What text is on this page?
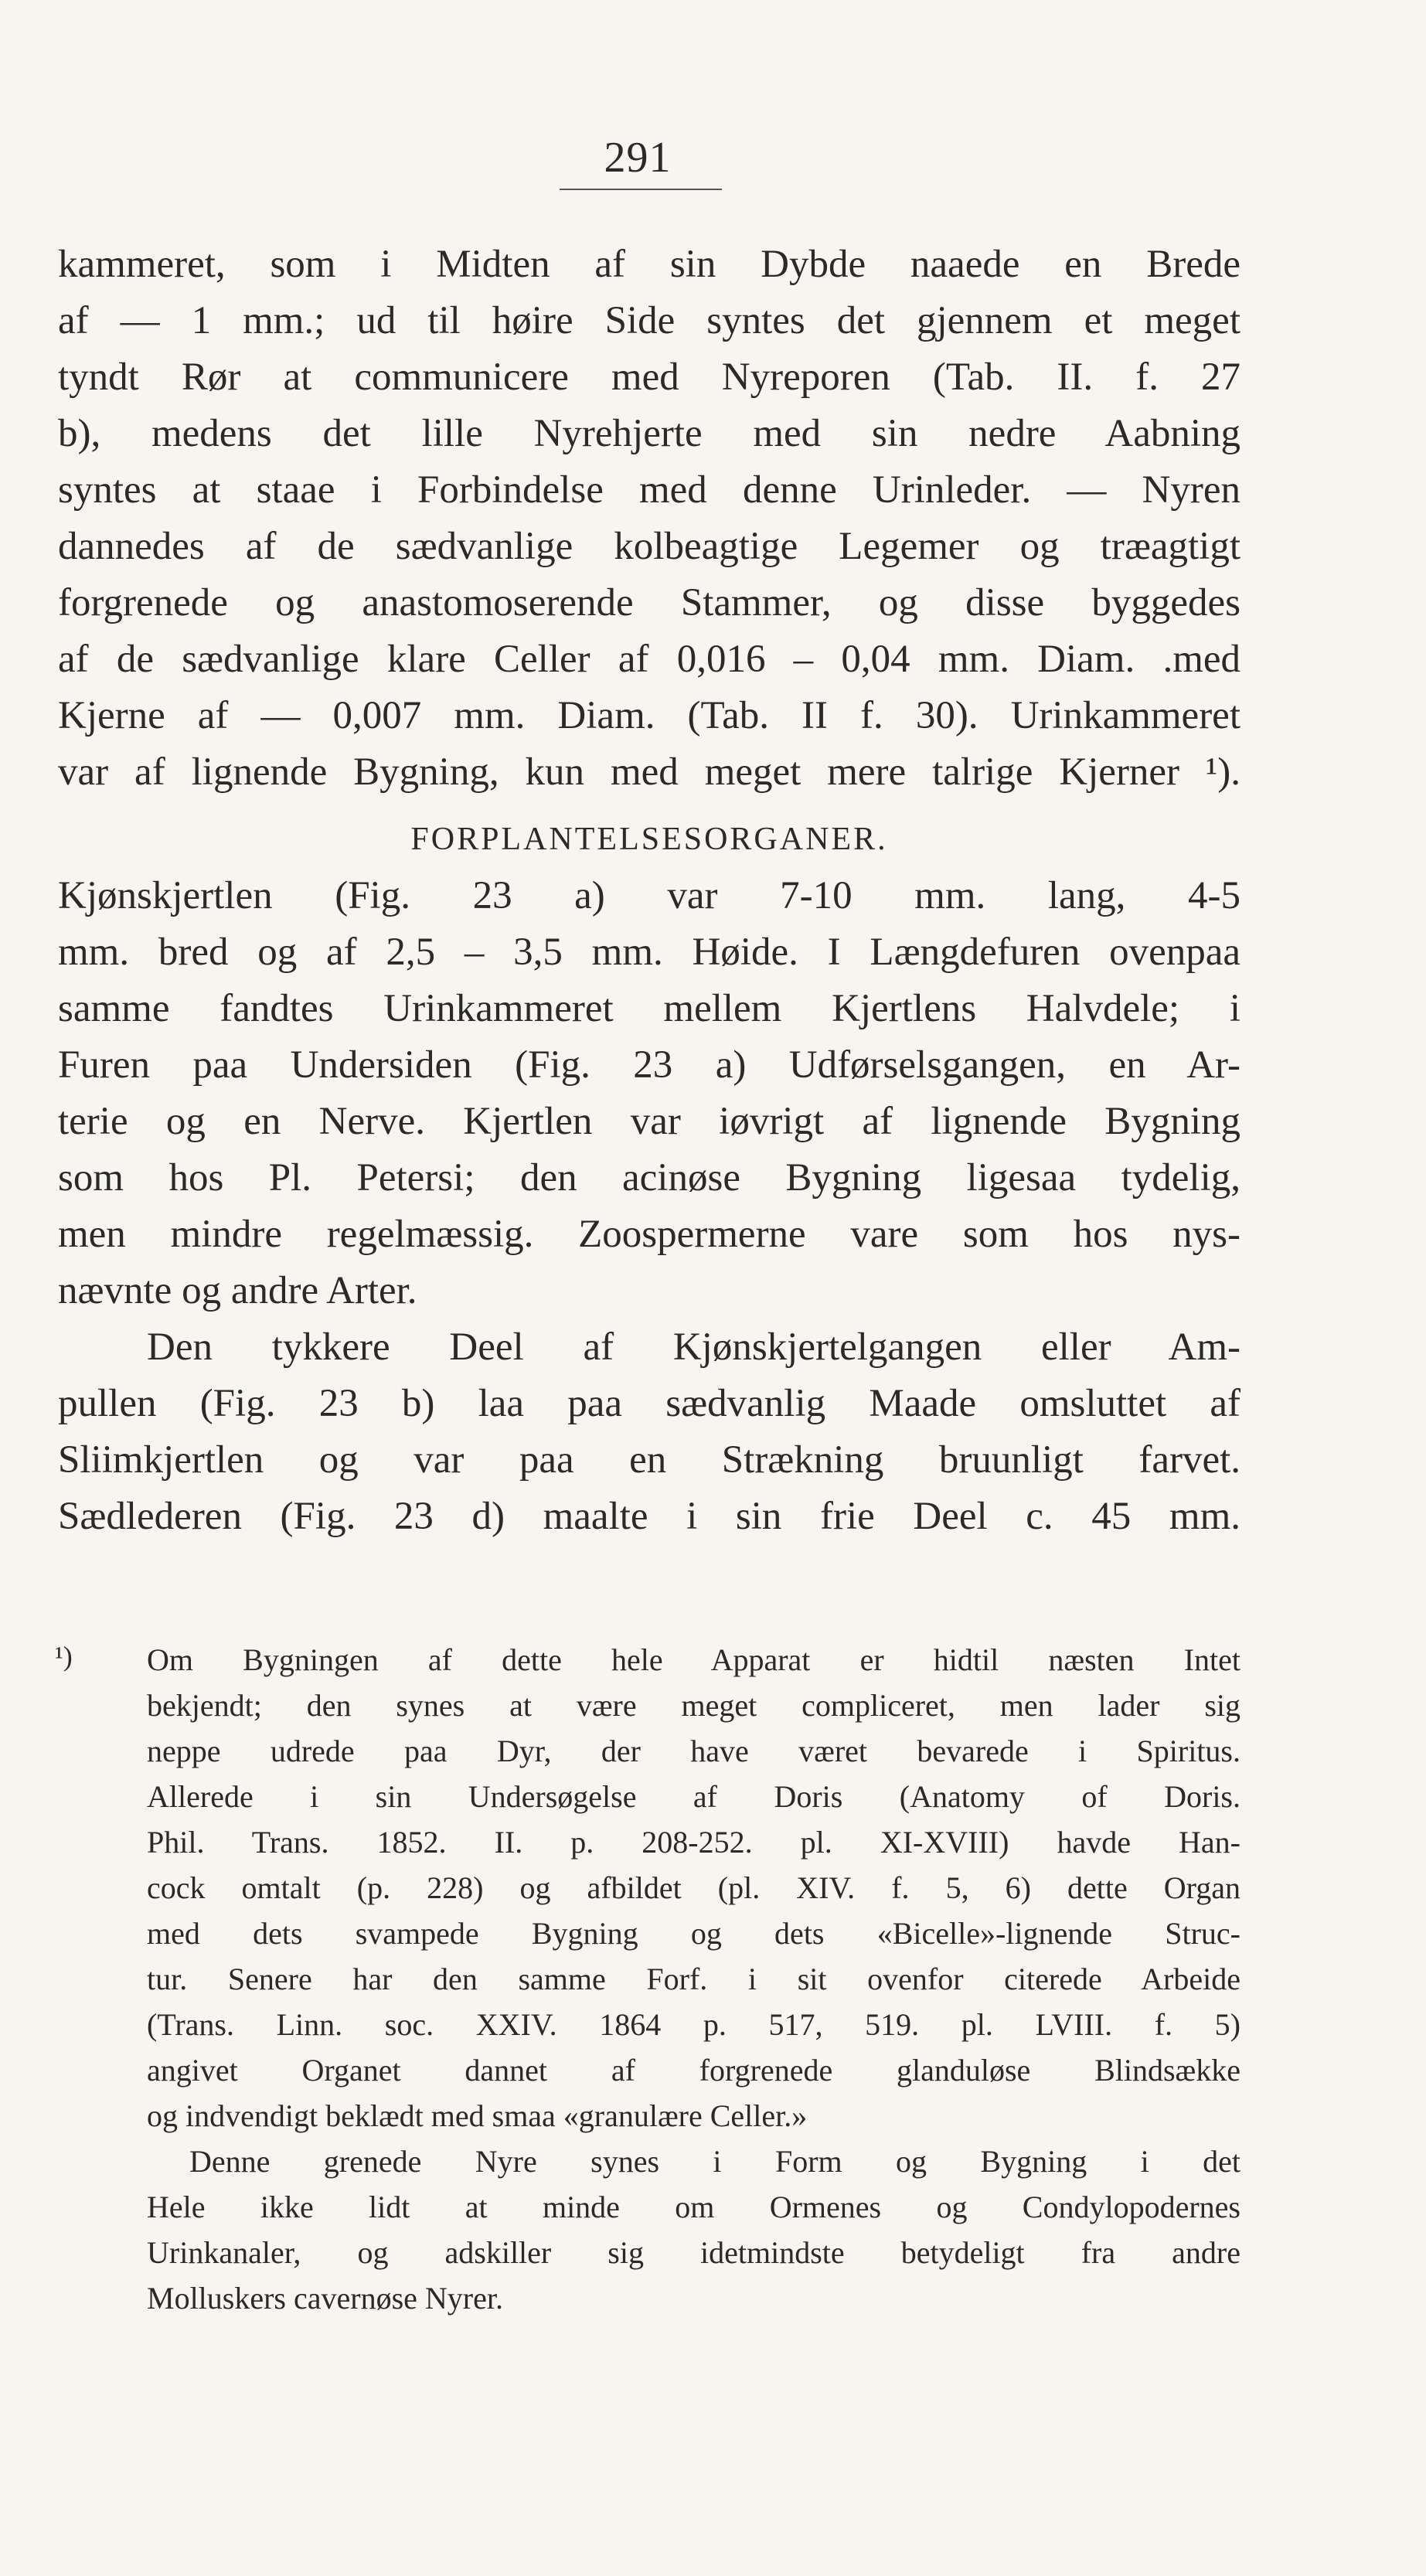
291
kammeret, som i Midten af sin Dybde naaede en Brede
af — 1 mm.; ud til høire Side syntes det gjennem et meget
tyndt Rør at communicere med Nyreporen (Tab. II. f. 27
b), medens det lille Nyrehjerte med sin nedre Aabning
syntes at staae i Forbindelse med denne Urinleder. — Nyren
dannedes af de sædvanlige kolbeagtige Legemer og træagtigt
forgrenede og anastomoserende Stammer, og disse byggedes
af de sædvanlige klare Celler af 0,016 – 0,04 mm. Diam. .med
Kjerne af — 0,007 mm. Diam. (Tab. II f. 30). Urinkammeret
var af lignende Bygning, kun med meget mere talrige Kjerner ¹).
FORPLANTELSESORGANER.
Kjønskjertlen (Fig. 23 a) var 7-10 mm. lang, 4-5
mm. bred og af 2,5 – 3,5 mm. Høide. I Længdefuren ovenpaa
samme fandtes Urinkammeret mellem Kjertlens Halvdele; i
Furen paa Undersiden (Fig. 23 a) Udførselsgangen, en Ar-
terie og en Nerve. Kjertlen var iøvrigt af lignende Bygning
som hos Pl. Petersi; den acinøse Bygning ligesaa tydelig,
men mindre regelmæssig. Zoospermerne vare som hos nys-
nævnte og andre Arter.
Den tykkere Deel af Kjønskjertelgangen eller Am-
pullen (Fig. 23 b) laa paa sædvanlig Maade omsluttet af
Sliimkjertlen og var paa en Strækning bruunligt farvet.
Sædlederen (Fig. 23 d) maalte i sin frie Deel c. 45 mm.
¹) Om Bygningen af dette hele Apparat er hidtil næsten Intet
bekjendt; den synes at være meget compliceret, men lader sig
neppe udrede paa Dyr, der have været bevarede i Spiritus.
Allerede i sin Undersøgelse af Doris (Anatomy of Doris.
Phil. Trans. 1852. II. p. 208-252. pl. XI-XVIII) havde Han-
cock omtalt (p. 228) og afbildet (pl. XIV. f. 5, 6) dette Organ
med dets svampede Bygning og dets «Bicelle»-lignende Struc-
tur. Senere har den samme Forf. i sit ovenfor citerede Arbeide
(Trans. Linn. soc. XXIV. 1864 p. 517, 519. pl. LVIII. f. 5)
angivet Organet dannet af forgrenede glanduløse Blindsække
og indvendigt beklædt med smaa «granulære Celler.»
Denne grenede Nyre synes i Form og Bygning i det
Hele ikke lidt at minde om Ormenes og Condylopodernes
Urinkanaler, og adskiller sig idetmindste betydeligt fra andre
Molluskers cavernøse Nyrer.
